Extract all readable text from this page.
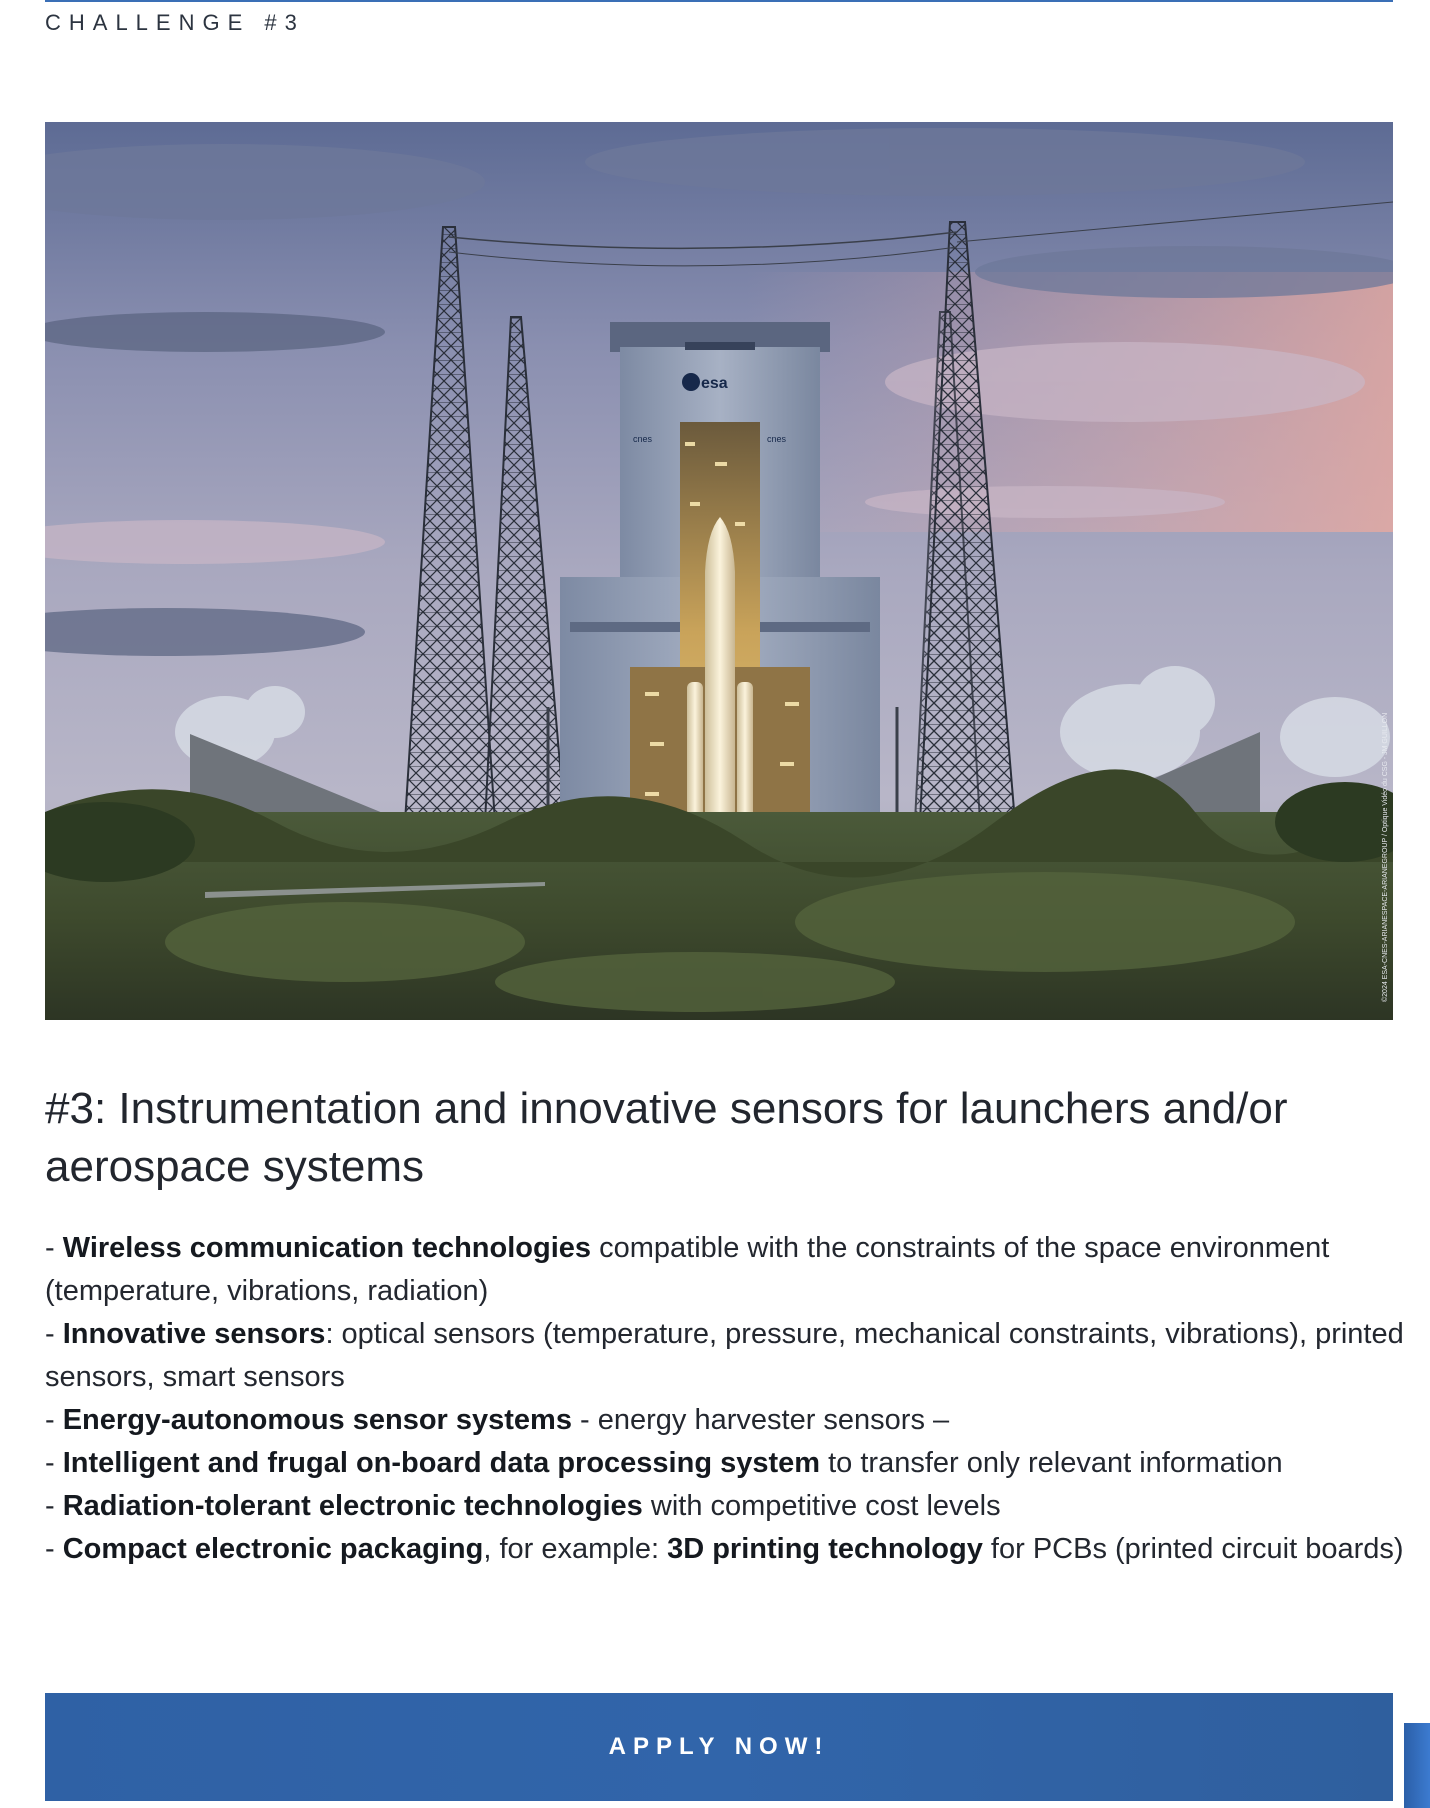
CHALLENGE #3
esa
cnes	cnes
©2024 ESA-CNES-ARIANESPACE-ARIANEGROUP / Optique Vidéo du CSG - JM GUILLON
#3: Instrumentation and innovative sensors for launchers and/or aerospace systems
- Wireless communication technologies compatible with the constraints of the space environment (temperature, vibrations, radiation)
- Innovative sensors: optical sensors (temperature, pressure, mechanical constraints, vibrations), printed sensors, smart sensors
- Energy-autonomous sensor systems - energy harvester sensors –
- Intelligent and frugal on-board data processing system to transfer only relevant information
- Radiation-tolerant electronic technologies with competitive cost levels
- Compact electronic packaging, for example: 3D printing technology for PCBs (printed circuit boards)
APPLY NOW!
